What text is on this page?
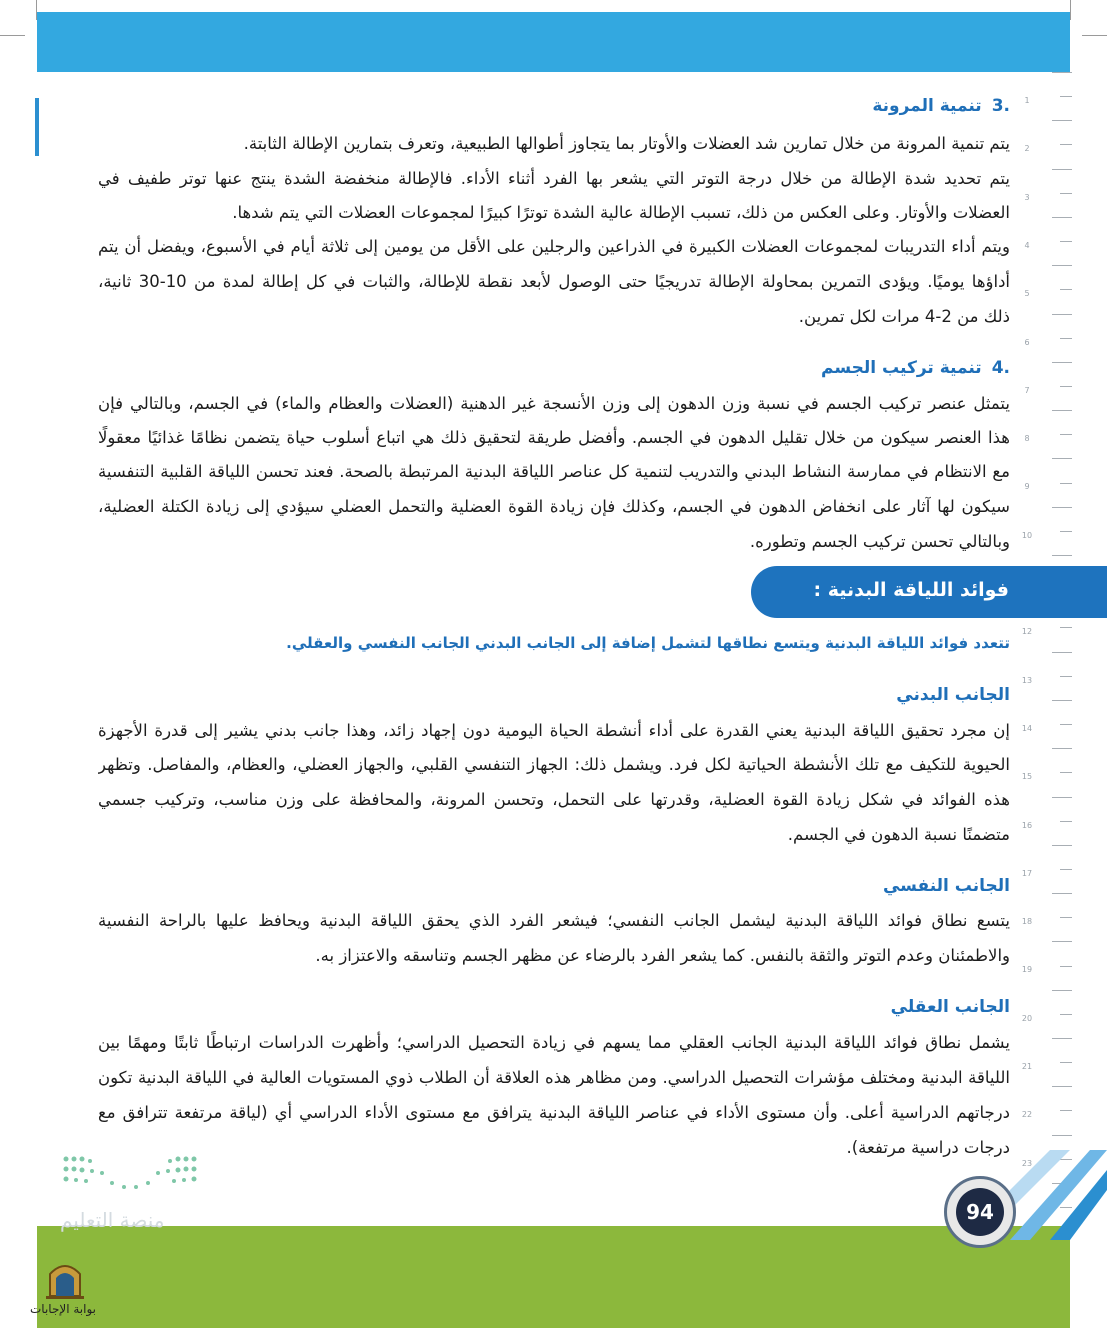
1
2
3
4
5
6
7
8
9
10
12
13
14
15
16
17
18
19
20
21
22
23
.3تنمية المرونة
يتم تنمية المرونة من خلال تمارين شد العضلات والأوتار بما يتجاوز أطوالها الطبيعية، وتعرف بتمارين الإطالة الثابتة.
يتم تحديد شدة الإطالة من خلال درجة التوتر التي يشعر بها الفرد أثناء الأداء. فالإطالة منخفضة الشدة ينتج عنها توتر طفيف في
العضلات والأوتار. وعلى العكس من ذلك، تسبب الإطالة عالية الشدة توترًا كبيرًا لمجموعات العضلات التي يتم شدها.
ويتم أداء التدريبات لمجموعات العضلات الكبيرة في الذراعين والرجلين على الأقل من يومين إلى ثلاثة أيام في الأسبوع، ويفضل أن يتم
أداؤها يوميًا. ويؤدى التمرين بمحاولة الإطالة تدريجيًا حتى الوصول لأبعد نقطة للإطالة، والثبات في كل إطالة لمدة من 10-30 ثانية،
ذلك من 2-4 مرات لكل تمرين.
.4تنمية تركيب الجسم
يتمثل عنصر تركيب الجسم في نسبة وزن الدهون إلى وزن الأنسجة غير الدهنية (العضلات والعظام والماء) في الجسم، وبالتالي فإن
هذا العنصر سيكون من خلال تقليل الدهون في الجسم. وأفضل طريقة لتحقيق ذلك هي اتباع أسلوب حياة يتضمن نظامًا غذائيًا معقولًا
مع الانتظام في ممارسة النشاط البدني والتدريب لتنمية كل عناصر اللياقة البدنية المرتبطة بالصحة. فعند تحسن اللياقة القلبية التنفسية
سيكون لها آثار على انخفاض الدهون في الجسم، وكذلك فإن زيادة القوة العضلية والتحمل العضلي سيؤدي إلى زيادة الكتلة العضلية،
وبالتالي تحسن تركيب الجسم وتطوره.
فوائد اللياقة البدنية :
تتعدد فوائد اللياقة البدنية ويتسع نطاقها لتشمل إضافة إلى الجانب البدني الجانب النفسي والعقلي.
الجانب البدني
إن مجرد تحقيق اللياقة البدنية يعني القدرة على أداء أنشطة الحياة اليومية دون إجهاد زائد، وهذا جانب بدني يشير إلى قدرة الأجهزة
الحيوية للتكيف مع تلك الأنشطة الحياتية لكل فرد. ويشمل ذلك: الجهاز التنفسي القلبي، والجهاز العضلي، والعظام، والمفاصل. وتظهر
هذه الفوائد في شكل زيادة القوة العضلية، وقدرتها على التحمل، وتحسن المرونة، والمحافظة على وزن مناسب، وتركيب جسمي
متضمنًا نسبة الدهون في الجسم.
الجانب النفسي
يتسع نطاق فوائد اللياقة البدنية ليشمل الجانب النفسي؛ فيشعر الفرد الذي يحقق اللياقة البدنية ويحافظ عليها بالراحة النفسية
والاطمئنان وعدم التوتر والثقة بالنفس. كما يشعر الفرد بالرضاء عن مظهر الجسم وتناسقه والاعتزاز به.
الجانب العقلي
يشمل نطاق فوائد اللياقة البدنية الجانب العقلي مما يسهم في زيادة التحصيل الدراسي؛ وأظهرت الدراسات ارتباطًا ثابتًا ومهمًا بين
اللياقة البدنية ومختلف مؤشرات التحصيل الدراسي. ومن مظاهر هذه العلاقة أن الطلاب ذوي المستويات العالية في اللياقة البدنية تكون
درجاتهم الدراسية أعلى. وأن مستوى الأداء في عناصر اللياقة البدنية يترافق مع مستوى الأداء الدراسي أي (لياقة مرتفعة تترافق مع
درجات دراسية مرتفعة).
94
منصة التعليم
بوابة الإجابات
